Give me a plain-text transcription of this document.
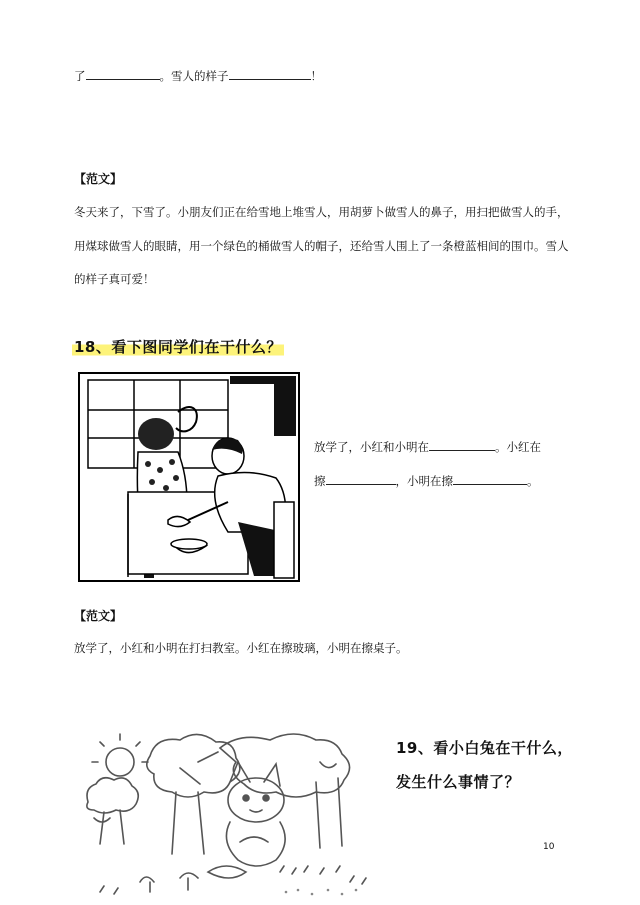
了	。雪人的样子	！
【范文】
冬天来了，下雪了。小朋友们正在给雪地上堆雪人，用胡萝卜做雪人的鼻子，用扫把做雪人的手，
用煤球做雪人的眼睛，用一个绿色的桶做雪人的帽子，还给雪人围上了一条橙蓝相间的围巾。雪人
的样子真可爱！
18、看下图同学们在干什么？
放学了，小红和小明在	。小红在
擦	，小明在擦	。
【范文】
放学了，小红和小明在打扫教室。小红在擦玻璃，小明在擦桌子。
19、看小白兔在干什么，
发生什么事情了？
10
